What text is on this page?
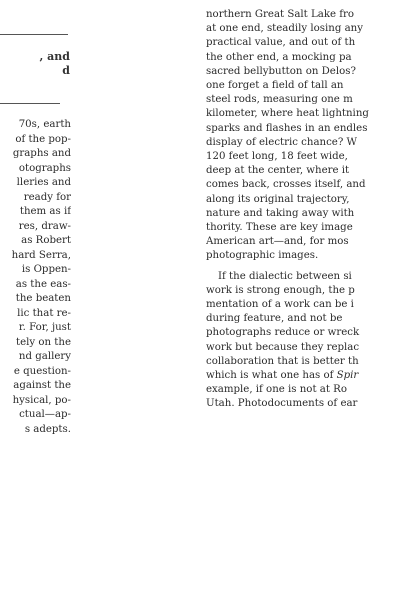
, and
d
70s, earth
of the pop-
graphs and
otographs
lleries and
ready for
them as if
res, draw-
as Robert
hard Serra,
is Oppen-
as the eas-
the beaten
lic that re-
r. For, just
tely on the
nd gallery
e question-
against the
hysical, po-
ctual—ap-
s adepts.
northern Great Salt Lake fro
at one end, steadily losing any
practical value, and out of th
the other end, a mocking pa
sacred bellybutton on Delos?
one forget a field of tall an
steel rods, measuring one m
kilometer, where heat lightning
sparks and flashes in an endles
display of electric chance? W
120 feet long, 18 feet wide,
deep at the center, where it
comes back, crosses itself, and
along its original trajectory,
nature and taking away with
thority. These are key image
American art—and, for mos
photographic images.
If the dialectic between si
work is strong enough, the p
mentation of a work can be i
during feature, and not be
photographs reduce or wreck
work but because they replac
collaboration that is better th
which is what one has of Spir
example, if one is not at Ro
Utah. Photodocuments of ear
